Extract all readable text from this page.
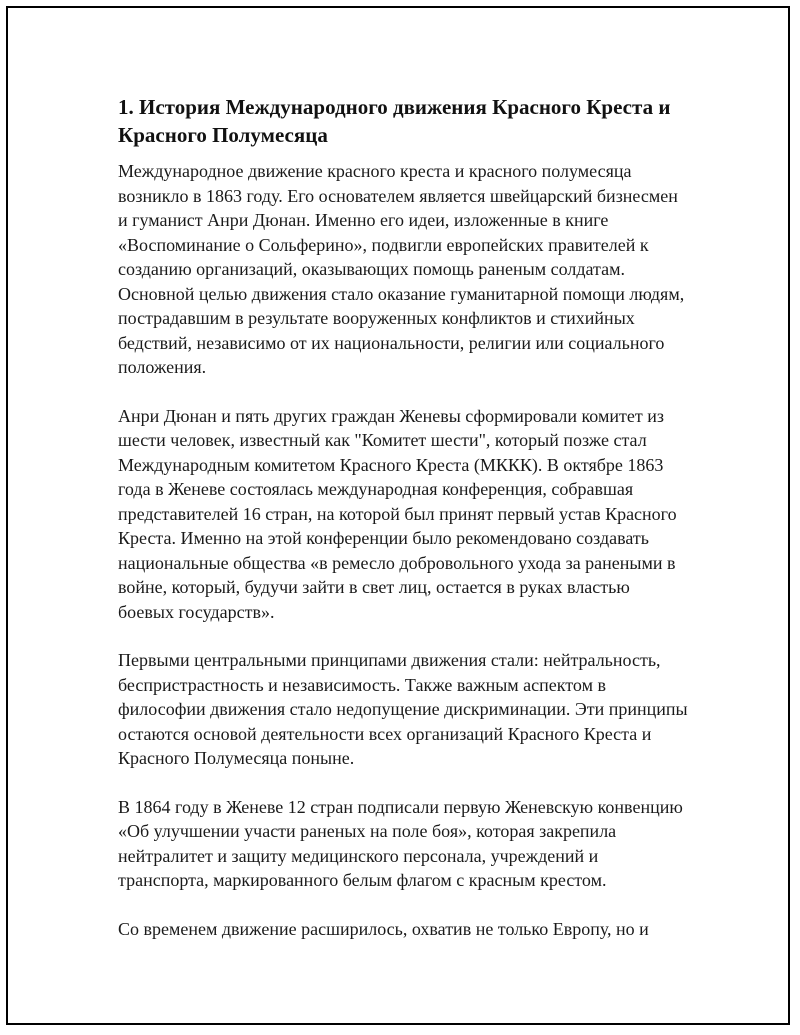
1. История Международного движения Красного Креста и Красного Полумесяца

Международное движение красного креста и красного полумесяца возникло в 1863 году. Его основателем является швейцарский бизнесмен и гуманист Анри Дюнан. Именно его идеи, изложенные в книге «Воспоминание о Сольферино», подвигли европейских правителей к созданию организаций, оказывающих помощь раненым солдатам. Основной целью движения стало оказание гуманитарной помощи людям, пострадавшим в результате вооруженных конфликтов и стихийных бедствий, независимо от их национальности, религии или социального положения.

Анри Дюнан и пять других граждан Женевы сформировали комитет из шести человек, известный как "Комитет шести", который позже стал Международным комитетом Красного Креста (МККК). В октябре 1863 года в Женеве состоялась международная конференция, собравшая представителей 16 стран, на которой был принят первый устав Красного Креста. Именно на этой конференции было рекомендовано создавать национальные общества «в ремесло добровольного ухода за ранеными в войне, который, будучи зайти в свет лиц, остается в руках властью боевых государств».

Первыми центральными принципами движения стали: нейтральность, беспристрастность и независимость. Также важным аспектом в философии движения стало недопущение дискриминации. Эти принципы остаются основой деятельности всех организаций Красного Креста и Красного Полумесяца поныне.

В 1864 году в Женеве 12 стран подписали первую Женевскую конвенцию «Об улучшении участи раненых на поле боя», которая закрепила нейтралитет и защиту медицинского персонала, учреждений и транспорта, маркированного белым флагом с красным крестом.

Со временем движение расширилось, охватив не только Европу, но и
